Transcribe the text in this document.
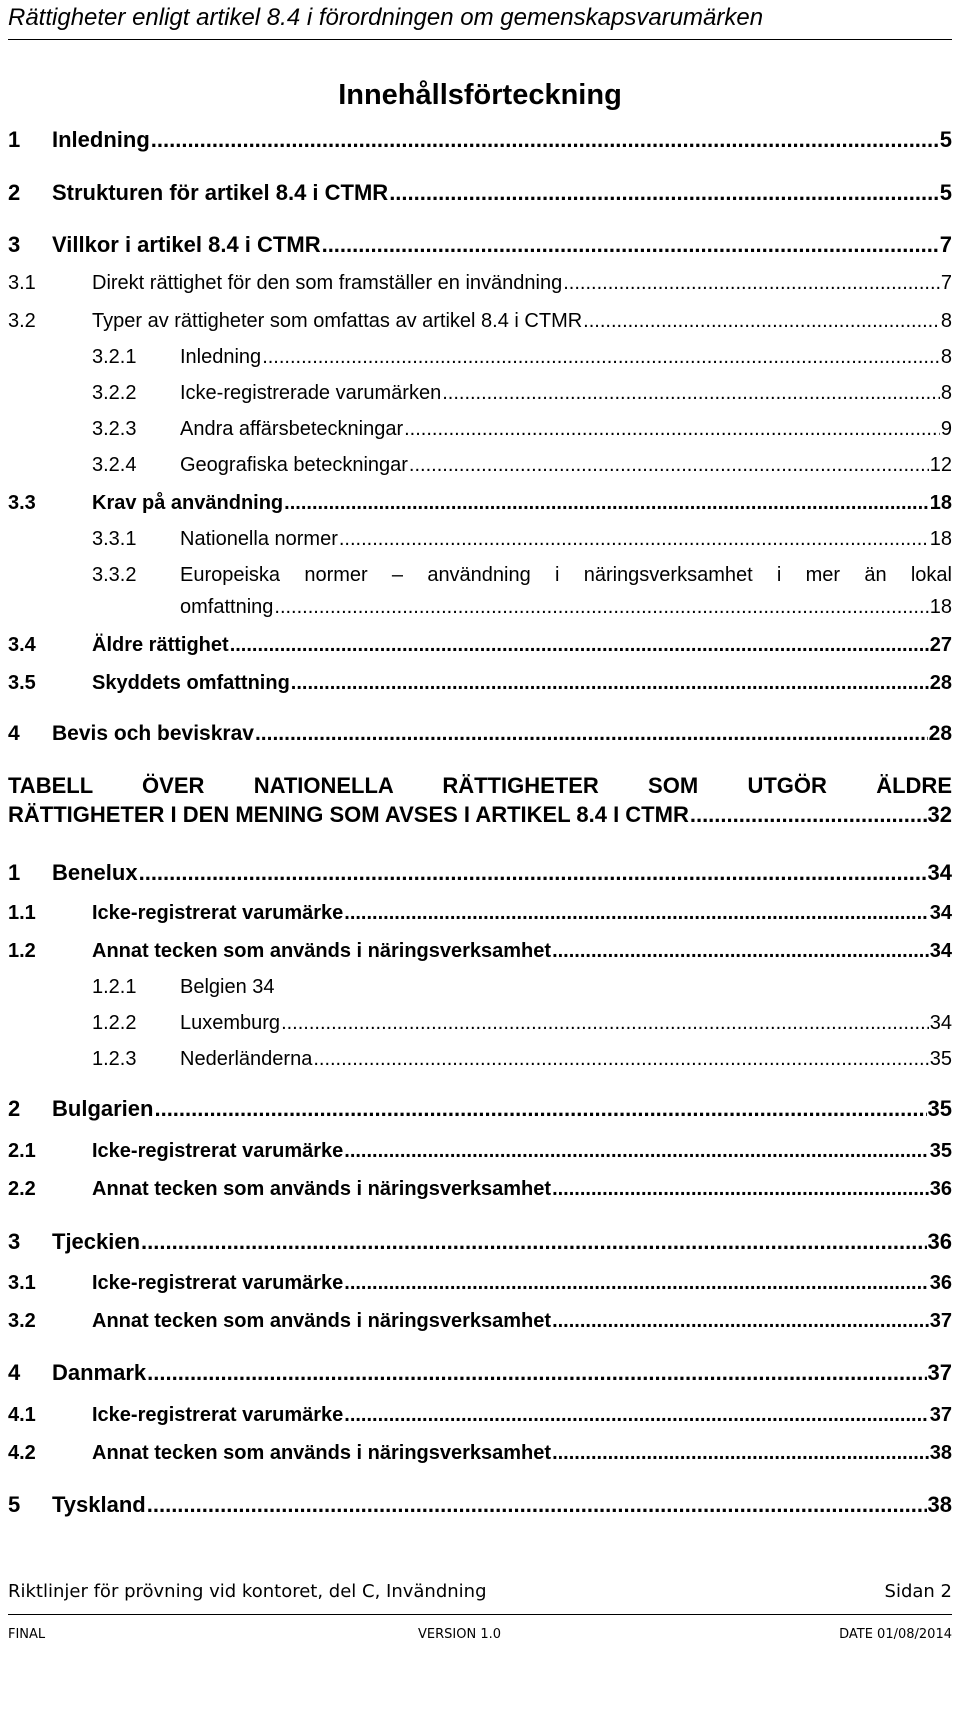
Rättigheter enligt artikel 8.4 i förordningen om gemenskapsvarumärken
Innehållsförteckning
1	Inledning .....	5
2	Strukturen för artikel 8.4 i CTMR .....	5
3	Villkor i artikel 8.4 i CTMR .....	7
3.1	Direkt rättighet för den som framställer en invändning .....	7
3.2	Typer av rättigheter som omfattas av artikel 8.4 i CTMR .....	8
3.2.1	Inledning .....	8
3.2.2	Icke-registrerade varumärken .....	8
3.2.3	Andra affärsbeteckningar .....	9
3.2.4	Geografiska beteckningar .....	12
3.3	Krav på användning .....	18
3.3.1	Nationella normer .....	18
3.3.2 Europeiska normer – användning i näringsverksamhet i mer än lokal
omfattning .....	18
3.4	Äldre rättighet .....	27
3.5	Skyddets omfattning .....	28
4	Bevis och beviskrav .....	28
TABELL ÖVER NATIONELLA RÄTTIGHETER SOM UTGÖR ÄLDRE
RÄTTIGHETER I DEN MENING SOM AVSES I ARTIKEL 8.4 I CTMR .....	32
1	Benelux .....	34
1.1	Icke-registrerat varumärke .....	34
1.2	Annat tecken som används i näringsverksamhet .....	34
1.2.1	Belgien 34
1.2.2	Luxemburg .....	34
1.2.3	Nederländerna .....	35
2	Bulgarien .....	35
2.1	Icke-registrerat varumärke .....	35
2.2	Annat tecken som används i näringsverksamhet .....	36
3	Tjeckien .....	36
3.1	Icke-registrerat varumärke .....	36
3.2	Annat tecken som används i näringsverksamhet .....	37
4	Danmark .....	37
4.1	Icke-registrerat varumärke .....	37
4.2	Annat tecken som används i näringsverksamhet .....	38
5	Tyskland .....	38
Riktlinjer för prövning vid kontoret, del C, Invändning	Sidan 2
FINAL	VERSION 1.0	DATE 01/08/2014
